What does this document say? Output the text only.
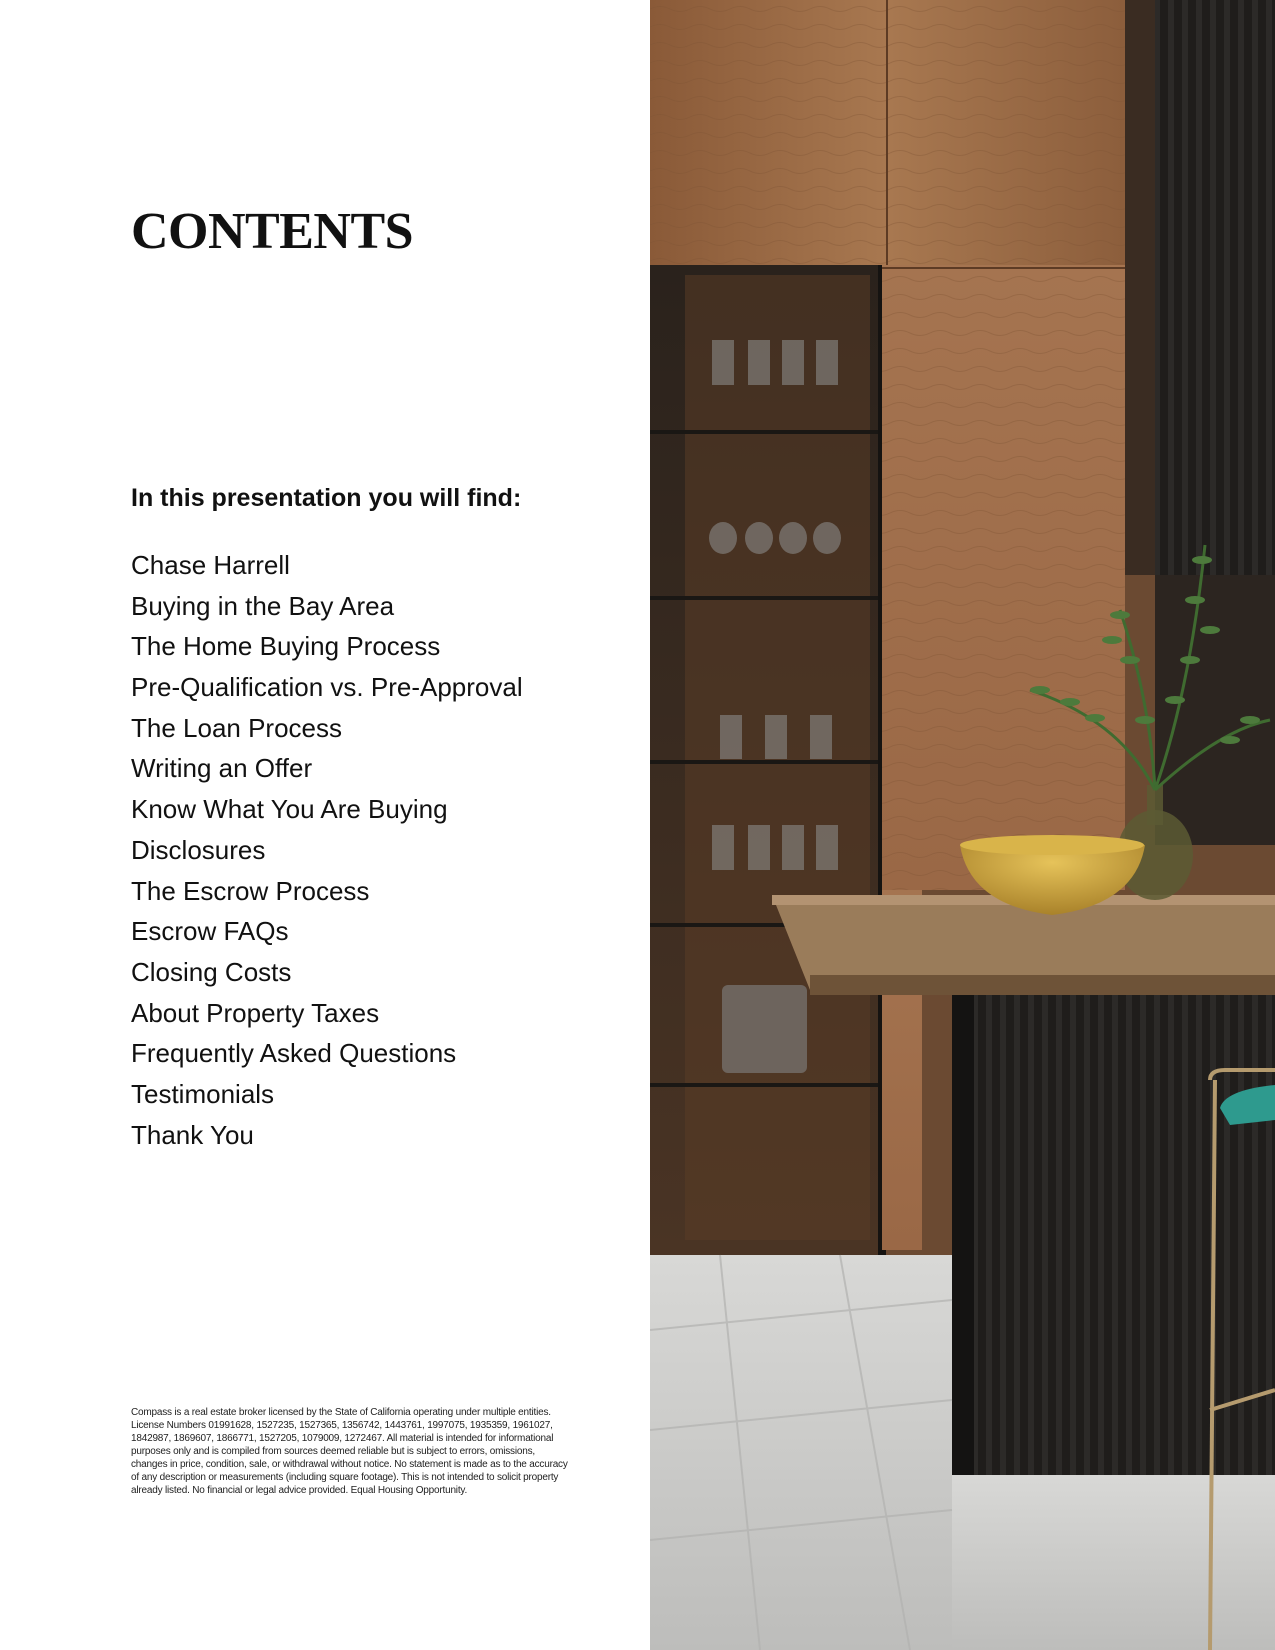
CONTENTS

In this presentation you will find:

Chase Harrell
Buying in the Bay Area
The Home Buying Process
Pre-Qualification vs. Pre-Approval
The Loan Process
Writing an Offer
Know What You Are Buying
Disclosures
The Escrow Process
Escrow FAQs
Closing Costs
About Property Taxes
Frequently Asked Questions
Testimonials
Thank You

Compass is a real estate broker licensed by the State of California operating under multiple entities. License Numbers 01991628, 1527235, 1527365, 1356742, 1443761, 1997075, 1935359, 1961027, 1842987, 1869607, 1866771, 1527205, 1079009, 1272467. All material is intended for informational purposes only and is compiled from sources deemed reliable but is subject to errors, omissions, changes in price, condition, sale, or withdrawal without notice. No statement is made as to the accuracy of any description or measurements (including square footage). This is not intended to solicit property already listed. No financial or legal advice provided. Equal Housing Opportunity.
